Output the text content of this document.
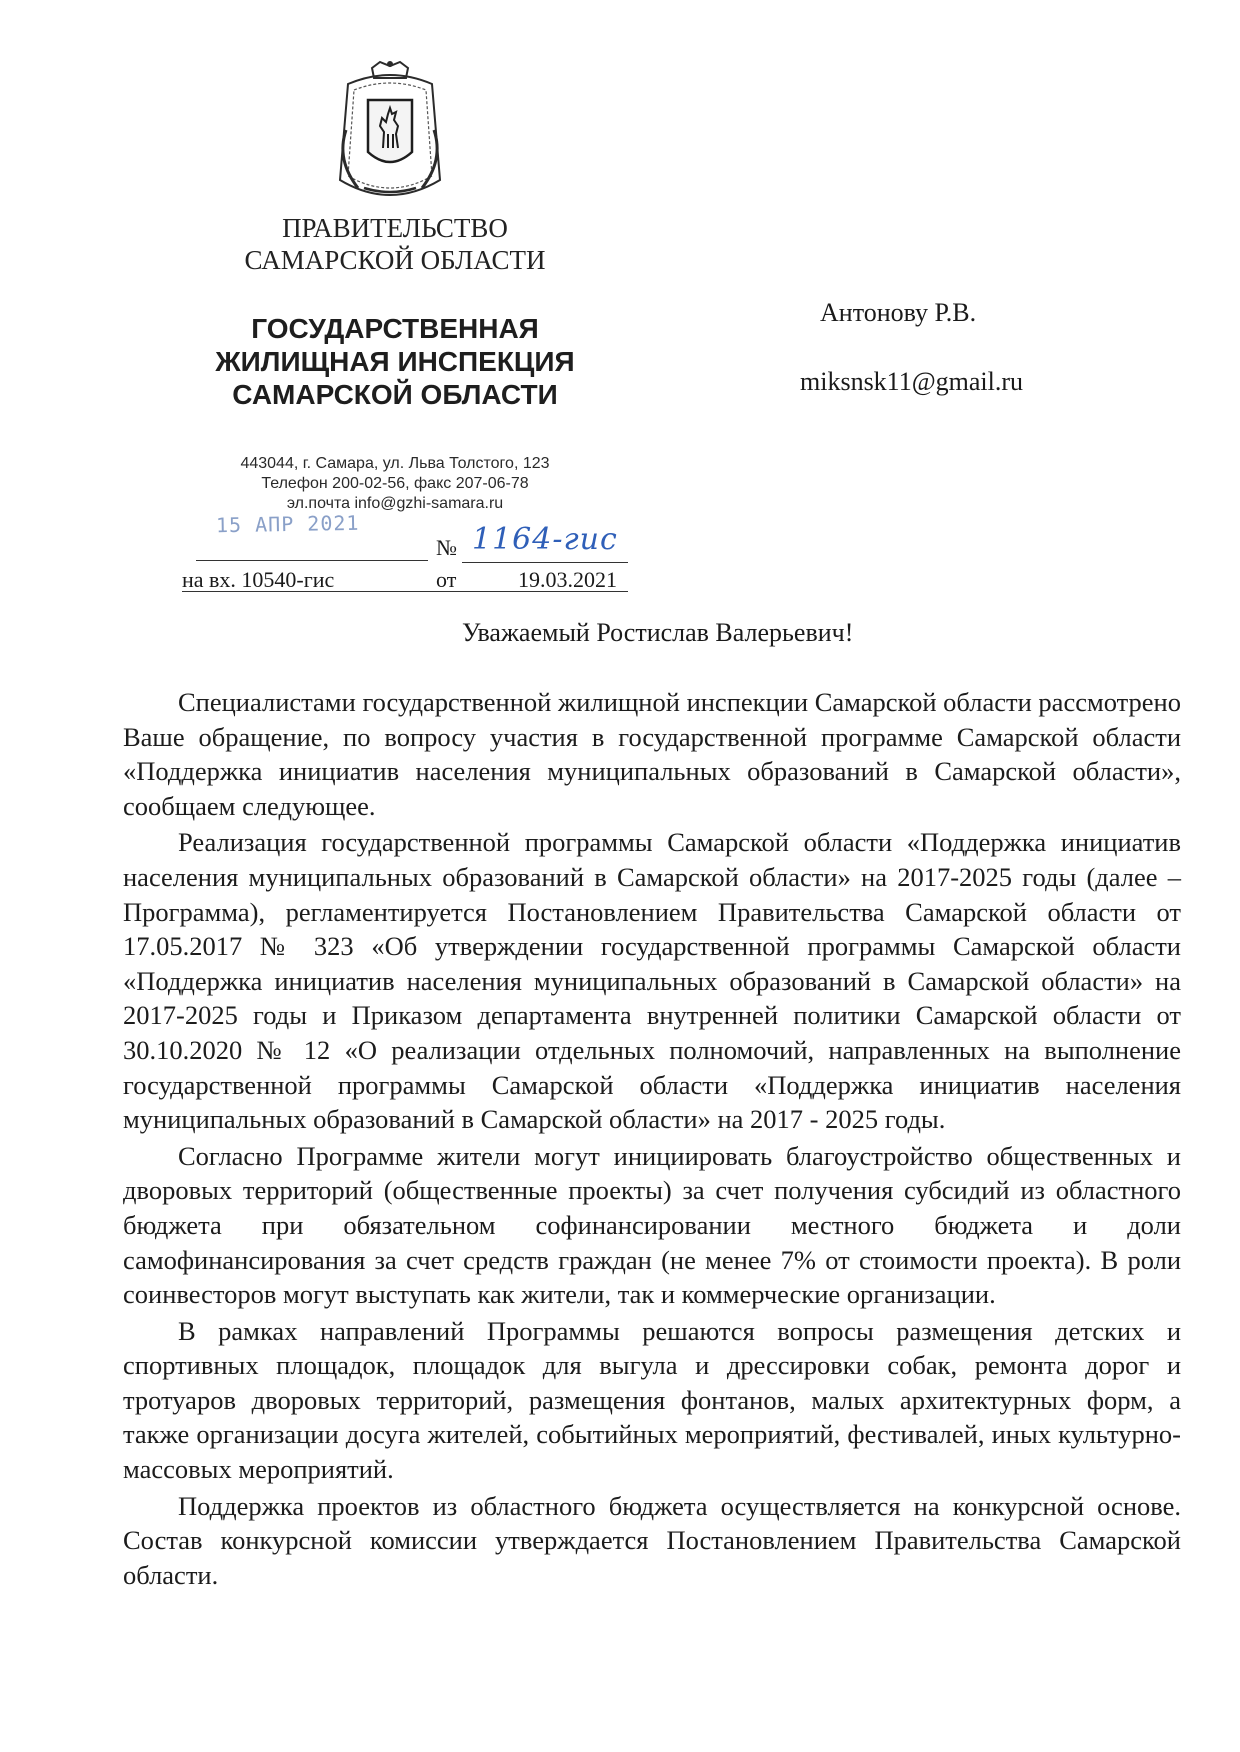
ПРАВИТЕЛЬСТВО
САМАРСКОЙ ОБЛАСТИ
ГОСУДАРСТВЕННАЯ
ЖИЛИЩНАЯ ИНСПЕКЦИЯ
САМАРСКОЙ ОБЛАСТИ
443044, г. Самара, ул. Льва Толстого, 123
Телефон 200-02-56, факс 207-06-78
эл.почта info@gzhi-samara.ru
15 АПР 2021
№ 1164-гис
на вх. 10540-гис	от	19.03.2021
Антонову Р.В.
miksnsk11@gmail.ru
Уважаемый Ростислав Валерьевич!

Специалистами государственной жилищной инспекции Самарской области рассмотрено Ваше обращение, по вопросу участия в государственной программе Самарской области «Поддержка инициатив населения муниципальных образований в Самарской области», сообщаем следующее.

Реализация государственной программы Самарской области «Поддержка инициатив населения муниципальных образований в Самарской области» на 2017-2025 годы (далее – Программа), регламентируется Постановлением Правительства Самарской области от 17.05.2017 № 323 «Об утверждении государственной программы Самарской области «Поддержка инициатив населения муниципальных образований в Самарской области» на 2017-2025 годы и Приказом департамента внутренней политики Самарской области от 30.10.2020 № 12 «О реализации отдельных полномочий, направленных на выполнение государственной программы Самарской области «Поддержка инициатив населения муниципальных образований в Самарской области» на 2017 - 2025 годы.

Согласно Программе жители могут инициировать благоустройство общественных и дворовых территорий (общественные проекты) за счет получения субсидий из областного бюджета при обязательном софинансировании местного бюджета и доли самофинансирования за счет средств граждан (не менее 7% от стоимости проекта). В роли соинвесторов могут выступать как жители, так и коммерческие организации.

В рамках направлений Программы решаются вопросы размещения детских и спортивных площадок, площадок для выгула и дрессировки собак, ремонта дорог и тротуаров дворовых территорий, размещения фонтанов, малых архитектурных форм, а также организации досуга жителей, событийных мероприятий, фестивалей, иных культурно-массовых мероприятий.

Поддержка проектов из областного бюджета осуществляется на конкурсной основе. Состав конкурсной комиссии утверждается Постановлением Правительства Самарской области.
